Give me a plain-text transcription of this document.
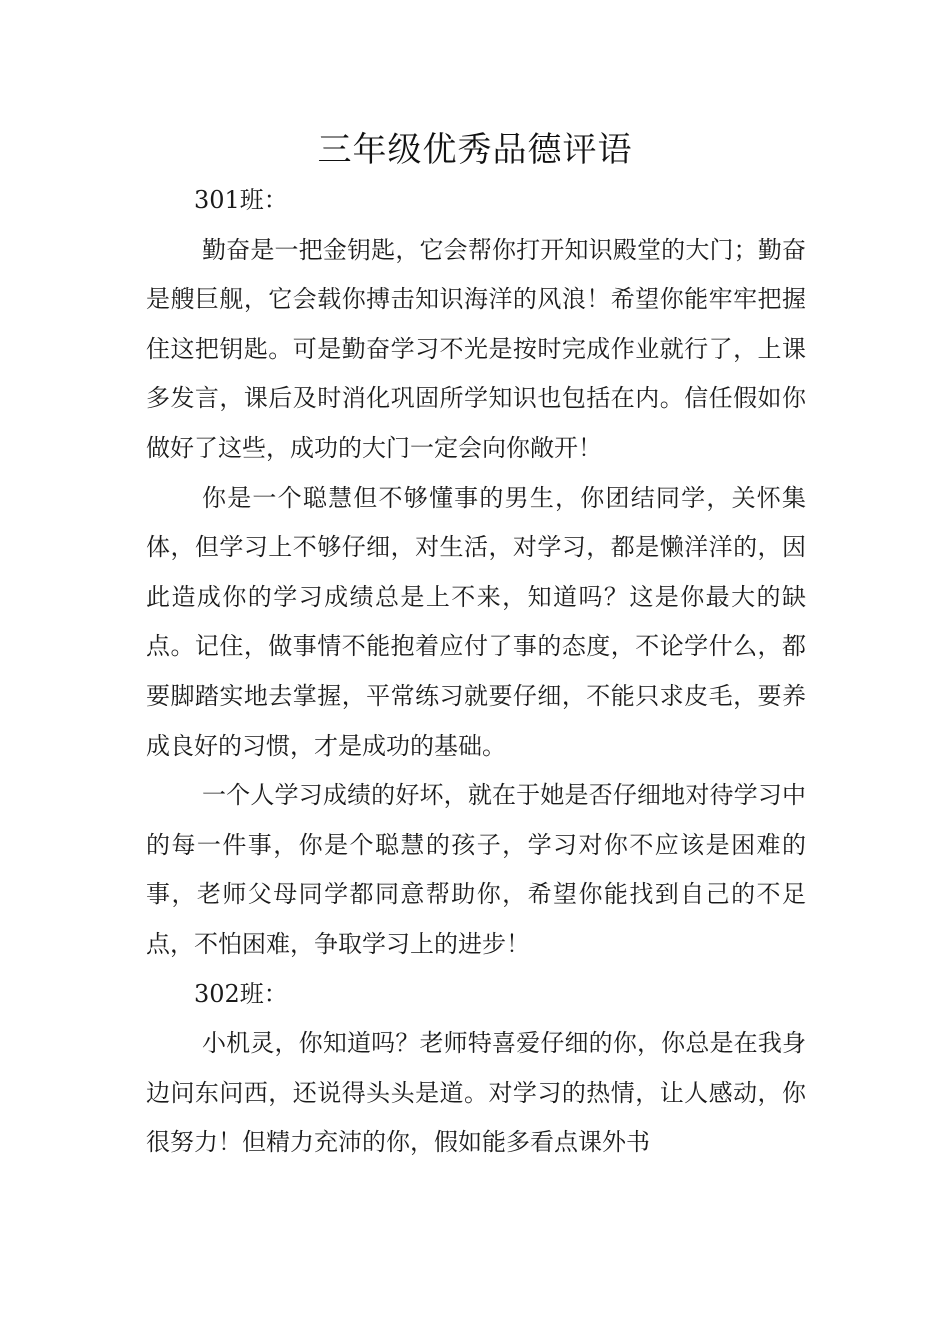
三年级优秀品德评语

301班：

勤奋是一把金钥匙，它会帮你打开知识殿堂的大门；勤奋是艘巨舰，它会载你搏击知识海洋的风浪！希望你能牢牢把握住这把钥匙。可是勤奋学习不光是按时完成作业就行了，上课多发言，课后及时消化巩固所学知识也包括在内。信任假如你做好了这些，成功的大门一定会向你敞开！

你是一个聪慧但不够懂事的男生，你团结同学，关怀集体，但学习上不够仔细，对生活，对学习，都是懒洋洋的，因此造成你的学习成绩总是上不来，知道吗？这是你最大的缺点。记住，做事情不能抱着应付了事的态度，不论学什么，都要脚踏实地去掌握，平常练习就要仔细，不能只求皮毛，要养成良好的习惯，才是成功的基础。

一个人学习成绩的好坏，就在于她是否仔细地对待学习中的每一件事，你是个聪慧的孩子，学习对你不应该是困难的事，老师父母同学都同意帮助你，希望你能找到自己的不足点，不怕困难，争取学习上的进步！

302班：

小机灵，你知道吗？老师特喜爱仔细的你，你总是在我身边问东问西，还说得头头是道。对学习的热情，让人感动，你很努力！但精力充沛的你，假如能多看点课外书
